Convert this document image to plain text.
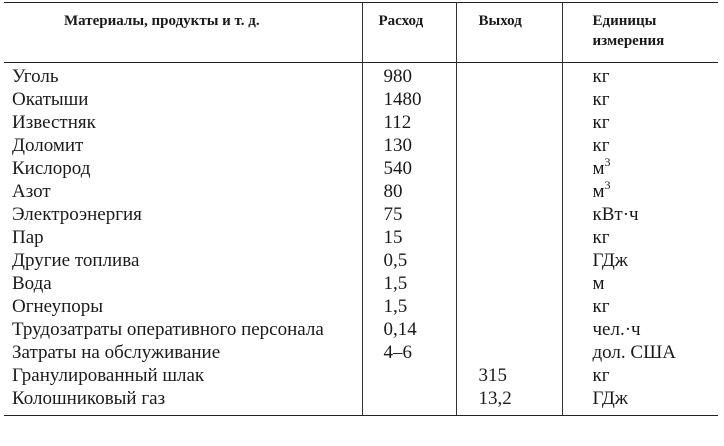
Материалы, продукты и т. д.	Расход	Выход	Единицы
измерения
Уголь	980		кг
Окатыши	1480		кг
Известняк	112		кг
Доломит	130		кг
Кислород	540		$м^3$
Азот	80		$м^3$
Электроэнергия	75		кВт·ч
Пар	15		кг
Другие топлива	0,5		ГДж
Вода	1,5		м
Огнеупоры	1,5		кг
Трудозатраты оперативного персонала	0,14		чел.·ч
Затраты на обслуживание	4–6		дол. США
Гранулированный шлак		315	кг
Колошниковый газ		13,2	ГДж
